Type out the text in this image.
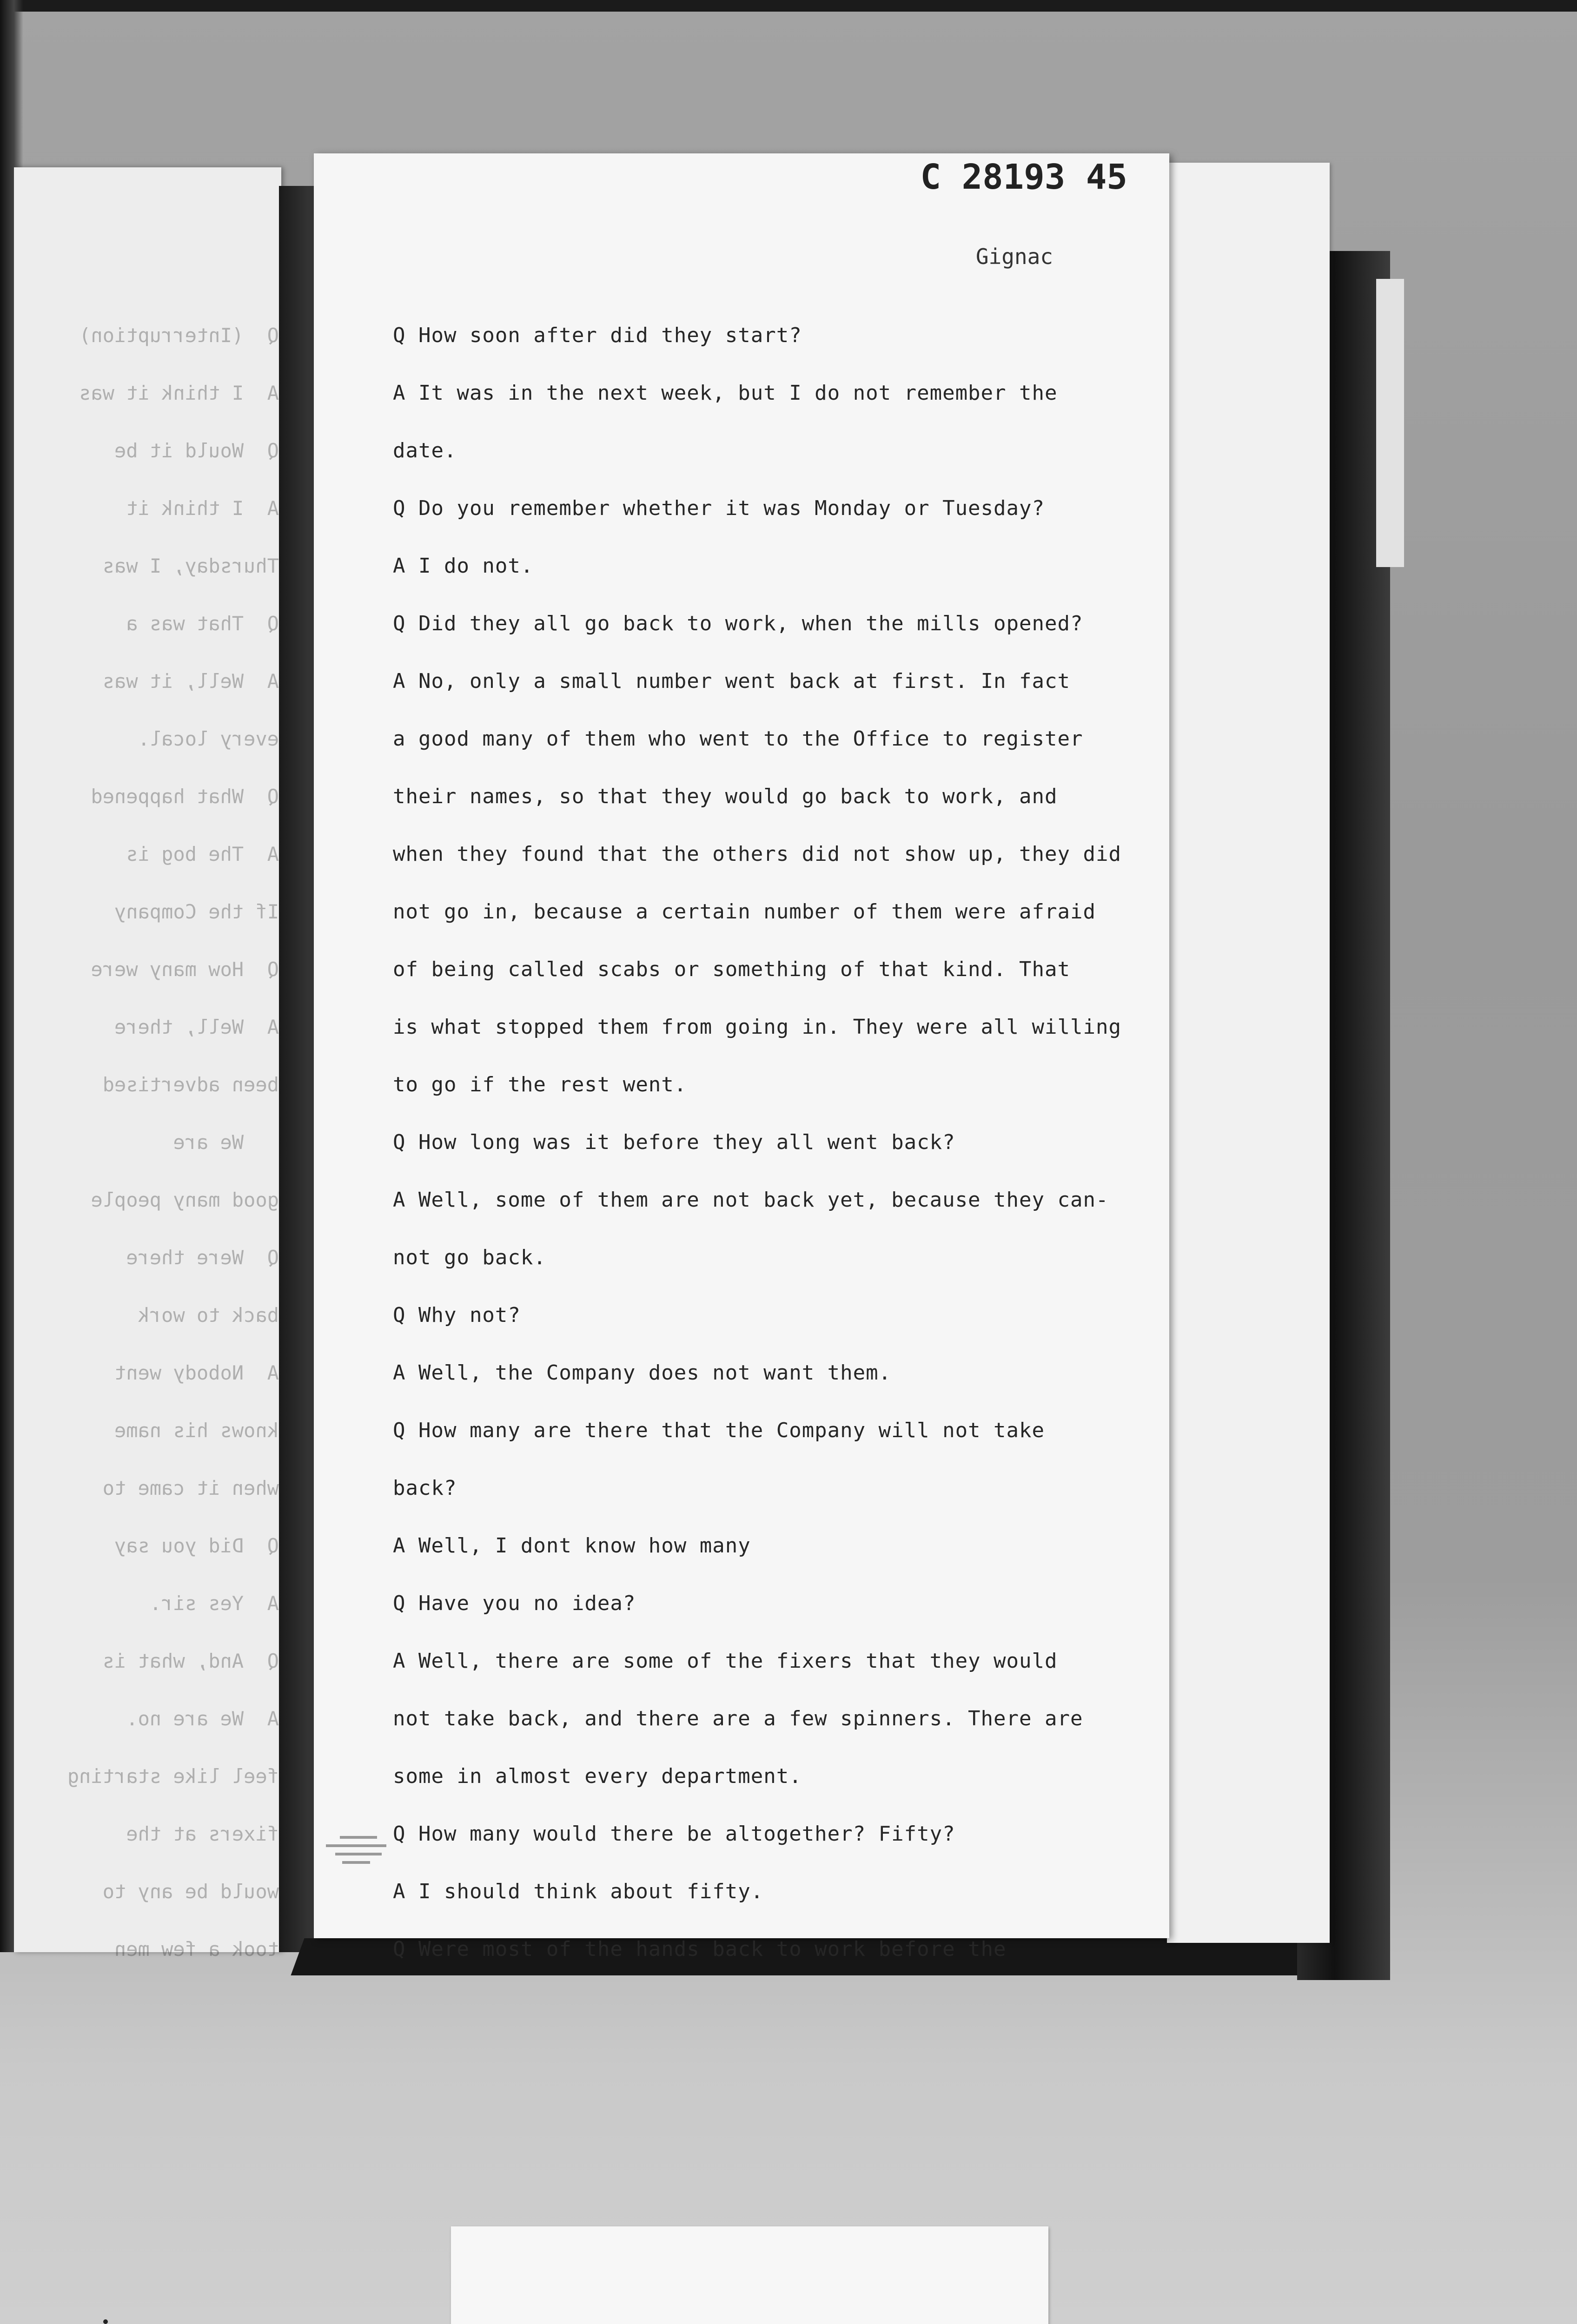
Q  (Interruption)
A  I think it was
Q  Would it be
A  I think it
Thursday, I was
Q  That was a
A  Well, it was
every local.
Q  What happened
A  The bog is
If the Company
Q  How many were
A  Well, there
been advertised
We are
good many people
Q  Were there
back to work
A  Nobody went
knows his name
when it came to
Q  Did you say
A  Yes sir.
Q  And, what is
A  We are no.
feel like starting
fixers at the
would be any to
took a few men
C 28193 45
Gignac
Q How soon after did they start?
A It was in the next week, but I do not remember the
date.
Q Do you remember whether it was Monday or Tuesday?
A I do not.
Q Did they all go back to work, when the mills opened?
A No, only a small number went back at first. In fact
a good many of them who went to the Office to register
their names, so that they would go back to work, and
when they found that the others did not show up, they did
not go in, because a certain number of them were afraid
of being called scabs or something of that kind. That
is what stopped them from going in. They were all willing
to go if the rest went.
Q How long was it before they all went back?
A Well, some of them are not back yet, because they can-
not go back.
Q Why not?
A Well, the Company does not want them.
Q How many are there that the Company will not take
back?
A Well, I dont know how many
Q Have you no idea?
A Well, there are some of the fixers that they would
not take back, and there are a few spinners. There are
some in almost every department.
Q How many would there be altogether? Fifty?
A I should think about fifty.
Q Were most of the hands back to work before the
